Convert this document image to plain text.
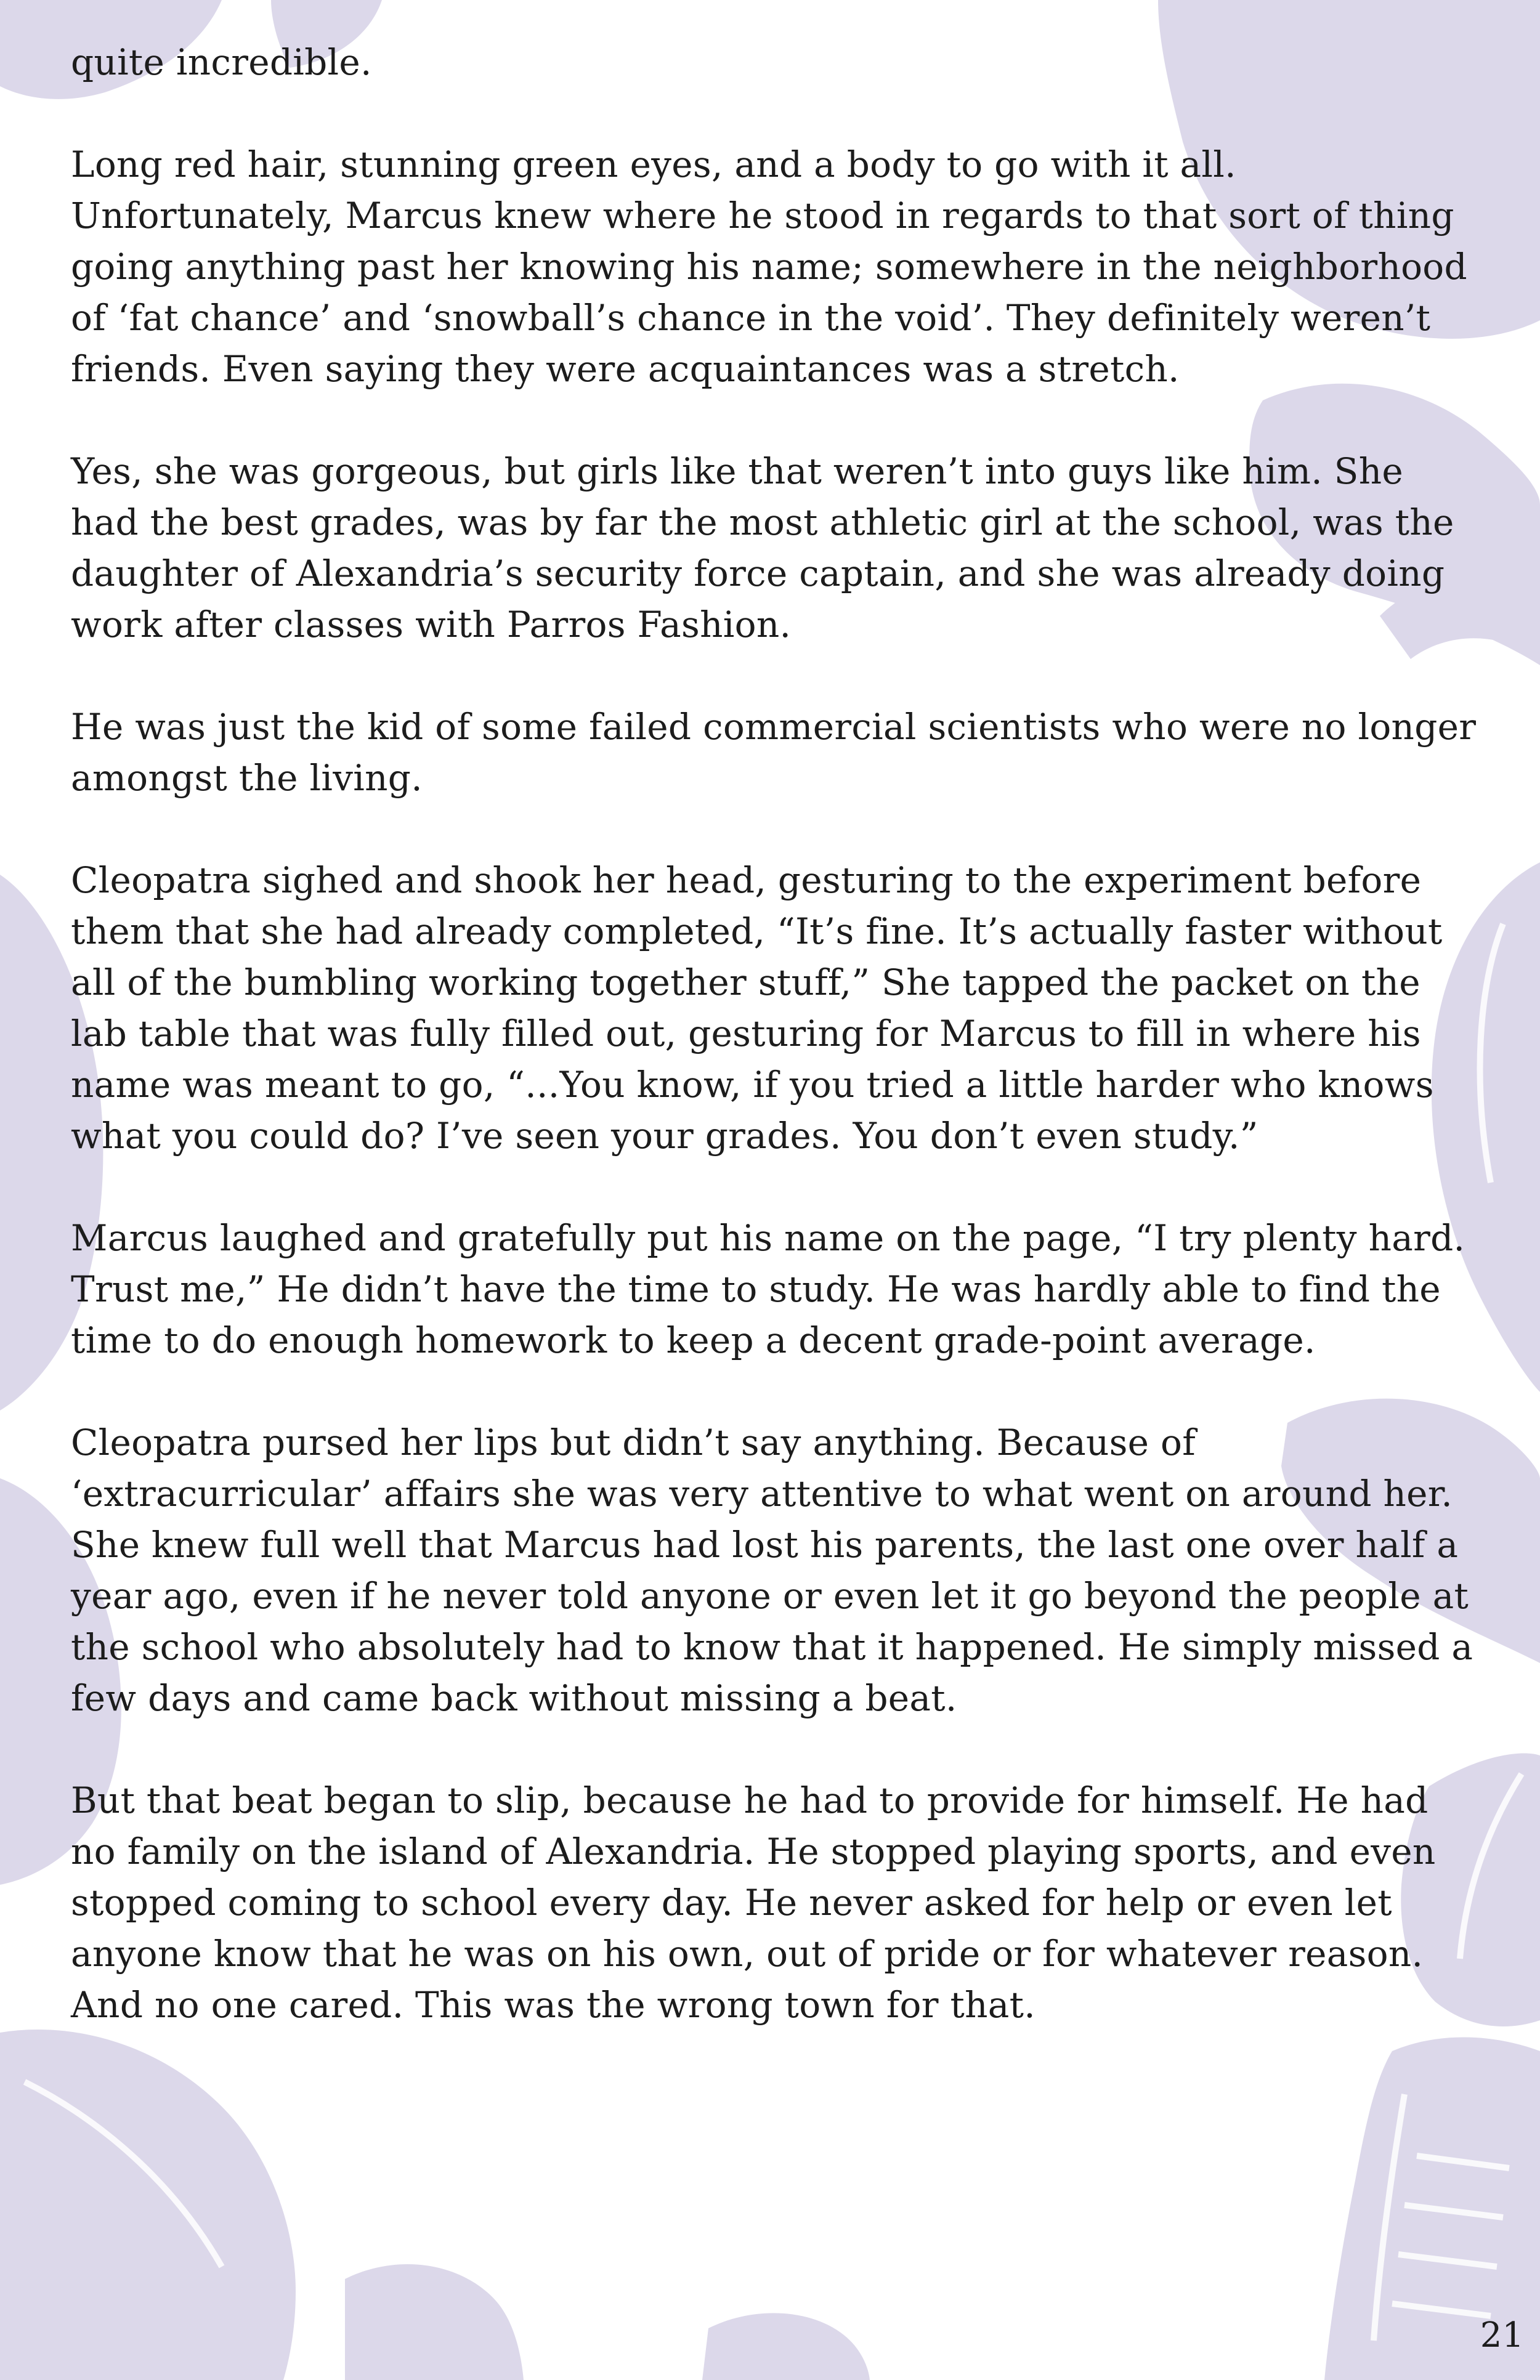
quite incredible.

Long red hair, stunning green eyes, and a body to go with it all. Unfortunately, Marcus knew where he stood in regards to that sort of thing going anything past her knowing his name; somewhere in the neighborhood of ‘fat chance’ and ‘snowball’s chance in the void’. They definitely weren’t friends. Even saying they were acquaintances was a stretch.

Yes, she was gorgeous, but girls like that weren’t into guys like him. She had the best grades, was by far the most athletic girl at the school, was the daughter of Alexandria’s security force captain, and she was already doing work after classes with Parros Fashion.

He was just the kid of some failed commercial scientists who were no longer amongst the living.

Cleopatra sighed and shook her head, gesturing to the experiment before them that she had already completed, “It’s fine. It’s actually faster without all of the bumbling working together stuff,” She tapped the packet on the lab table that was fully filled out, gesturing for Marcus to fill in where his name was meant to go, “...You know, if you tried a little harder who knows what you could do? I’ve seen your grades. You don’t even study.”

Marcus laughed and gratefully put his name on the page, “I try plenty hard. Trust me,” He didn’t have the time to study. He was hardly able to find the time to do enough homework to keep a decent grade-point average.

Cleopatra pursed her lips but didn’t say anything. Because of ‘extracurricular’ affairs she was very attentive to what went on around her. She knew full well that Marcus had lost his parents, the last one over half a year ago, even if he never told anyone or even let it go beyond the people at the school who absolutely had to know that it happened. He simply missed a few days and came back without missing a beat.

But that beat began to slip, because he had to provide for himself. He had no family on the island of Alexandria. He stopped playing sports, and even stopped coming to school every day. He never asked for help or even let anyone know that he was on his own, out of pride or for whatever reason. And no one cared. This was the wrong town for that.

21
